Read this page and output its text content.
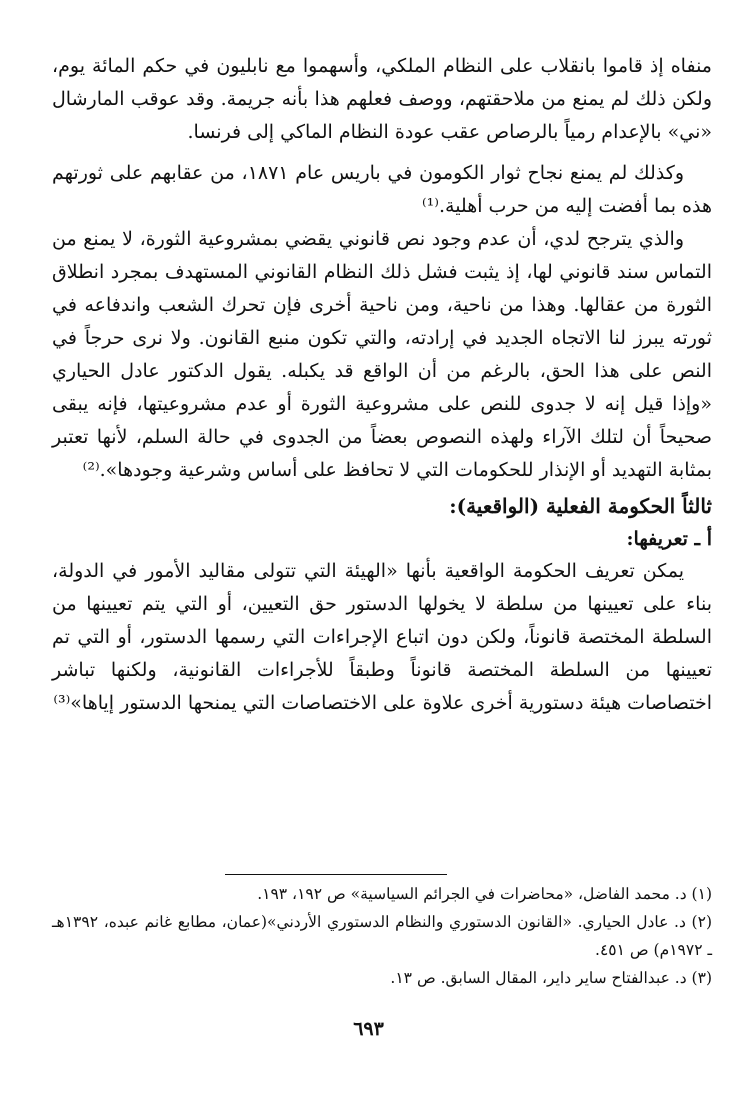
منفاه إذ قاموا بانقلاب على النظام الملكي، وأسهموا مع نابليون في حكم المائة يوم، ولكن ذلك لم يمنع من ملاحقتهم، ووصف فعلهم هذا بأنه جريمة. وقد عوقب المارشال «ني» بالإعدام رمياً بالرصاص عقب عودة النظام الماكي إلى فرنسا.

وكذلك لم يمنع نجاح ثوار الكومون في باريس عام ١٨٧١، من عقابهم على ثورتهم هذه بما أفضت إليه من حرب أهلية.⁽¹⁾

والذي يترجح لدي، أن عدم وجود نص قانوني يقضي بمشروعية الثورة، لا يمنع من التماس سند قانوني لها، إذ يثبت فشل ذلك النظام القانوني المستهدف بمجرد انطلاق الثورة من عقالها. وهذا من ناحية، ومن ناحية أخرى فإن تحرك الشعب واندفاعه في ثورته يبرز لنا الاتجاه الجديد في إرادته، والتي تكون منبع القانون. ولا نرى حرجاً في النص على هذا الحق، بالرغم من أن الواقع قد يكبله. يقول الدكتور عادل الحياري «وإذا قيل إنه لا جدوى للنص على مشروعية الثورة أو عدم مشروعيتها، فإنه يبقى صحيحاً أن لتلك الآراء ولهذه النصوص بعضاً من الجدوى في حالة السلم، لأنها تعتبر بمثابة التهديد أو الإنذار للحكومات التي لا تحافظ على أساس وشرعية وجودها».⁽²⁾

ثالثاً الحكومة الفعلية (الواقعية):
أ ـ تعريفها:

يمكن تعريف الحكومة الواقعية بأنها «الهيئة التي تتولى مقاليد الأمور في الدولة، بناء على تعيينها من سلطة لا يخولها الدستور حق التعيين، أو التي يتم تعيينها من السلطة المختصة قانوناً، ولكن دون اتباع الإجراءات التي رسمها الدستور، أو التي تم تعيينها من السلطة المختصة قانوناً وطبقاً للأجراءات القانونية، ولكنها تباشر اختصاصات هيئة دستورية أخرى علاوة على الاختصاصات التي يمنحها الدستور إياها»⁽³⁾

(١) د. محمد الفاضل، «محاضرات في الجرائم السياسية» ص ١٩٢، ١٩٣.

(٢) د. عادل الحياري. «القانون الدستوري والنظام الدستوري الأردني»(عمان، مطابع غانم عبده، ١٣٩٢هـ ـ ١٩٧٢م) ص ٤٥١.

(٣) د. عبدالفتاح ساير داير، المقال السابق. ص ١٣.

٦٩٣
